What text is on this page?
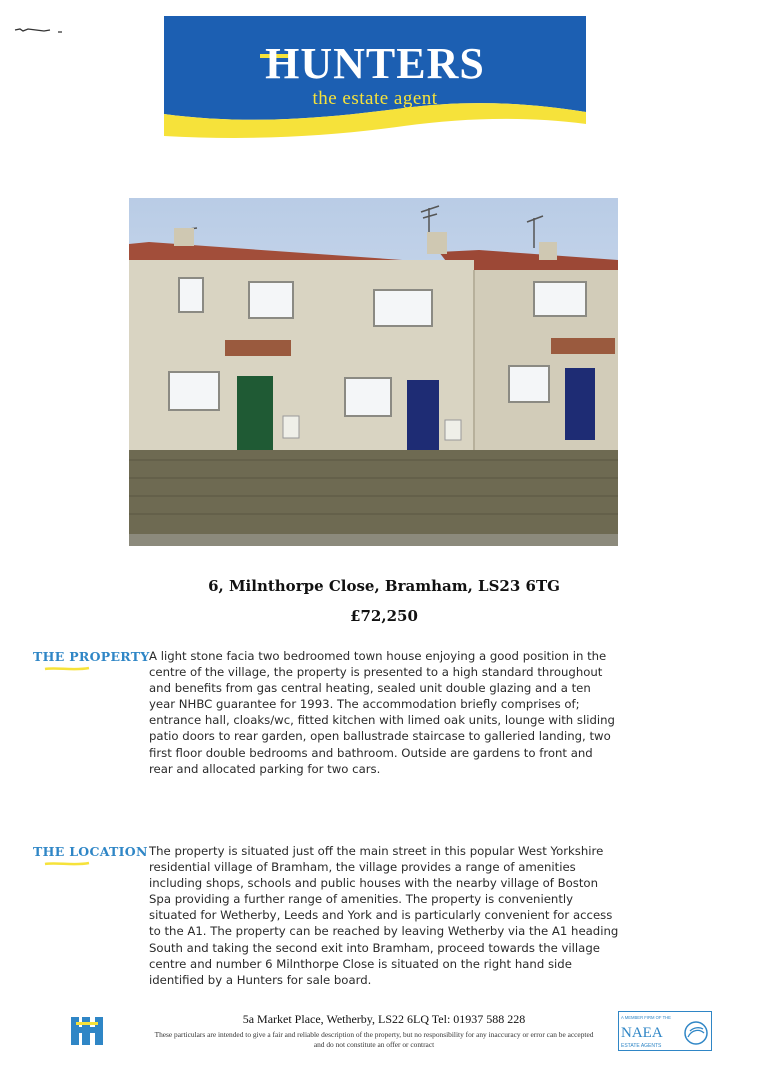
HUNTERS
the estate agent
6, Milnthorpe Close, Bramham, LS23 6TG
£72,250
THE PROPERTY A light stone facia two bedroomed town house enjoying a good position in the centre of the village, the property is presented to a high standard throughout and benefits from gas central heating, sealed unit double glazing and a ten year NHBC guarantee for 1993. The accommodation briefly comprises of; entrance hall, cloaks/wc, fitted kitchen with limed oak units, lounge with sliding patio doors to rear garden, open ballustrade staircase to galleried landing, two first floor double bedrooms and bathroom. Outside are gardens to front and rear and allocated parking for two cars.

THE LOCATION The property is situated just off the main street in this popular West Yorkshire residential village of Bramham, the village provides a range of amenities including shops, schools and public houses with the nearby village of Boston Spa providing a further range of amenities. The property is conveniently situated for Wetherby, Leeds and York and is particularly convenient for access to the A1. The property can be reached by leaving Wetherby via the A1 heading South and taking the second exit into Bramham, proceed towards the village centre and number 6 Milnthorpe Close is situated on the right hand side identified by a Hunters for sale board.

5a Market Place, Wetherby, LS22 6LQ Tel: 01937 588 228

These particulars are intended to give a fair and reliable description of the property, but no responsibility for any inaccuracy or error can be accepted and do not constitute an offer or contract

A MEMBER FIRM OF THE
NAEA
ESTATE AGENTS
